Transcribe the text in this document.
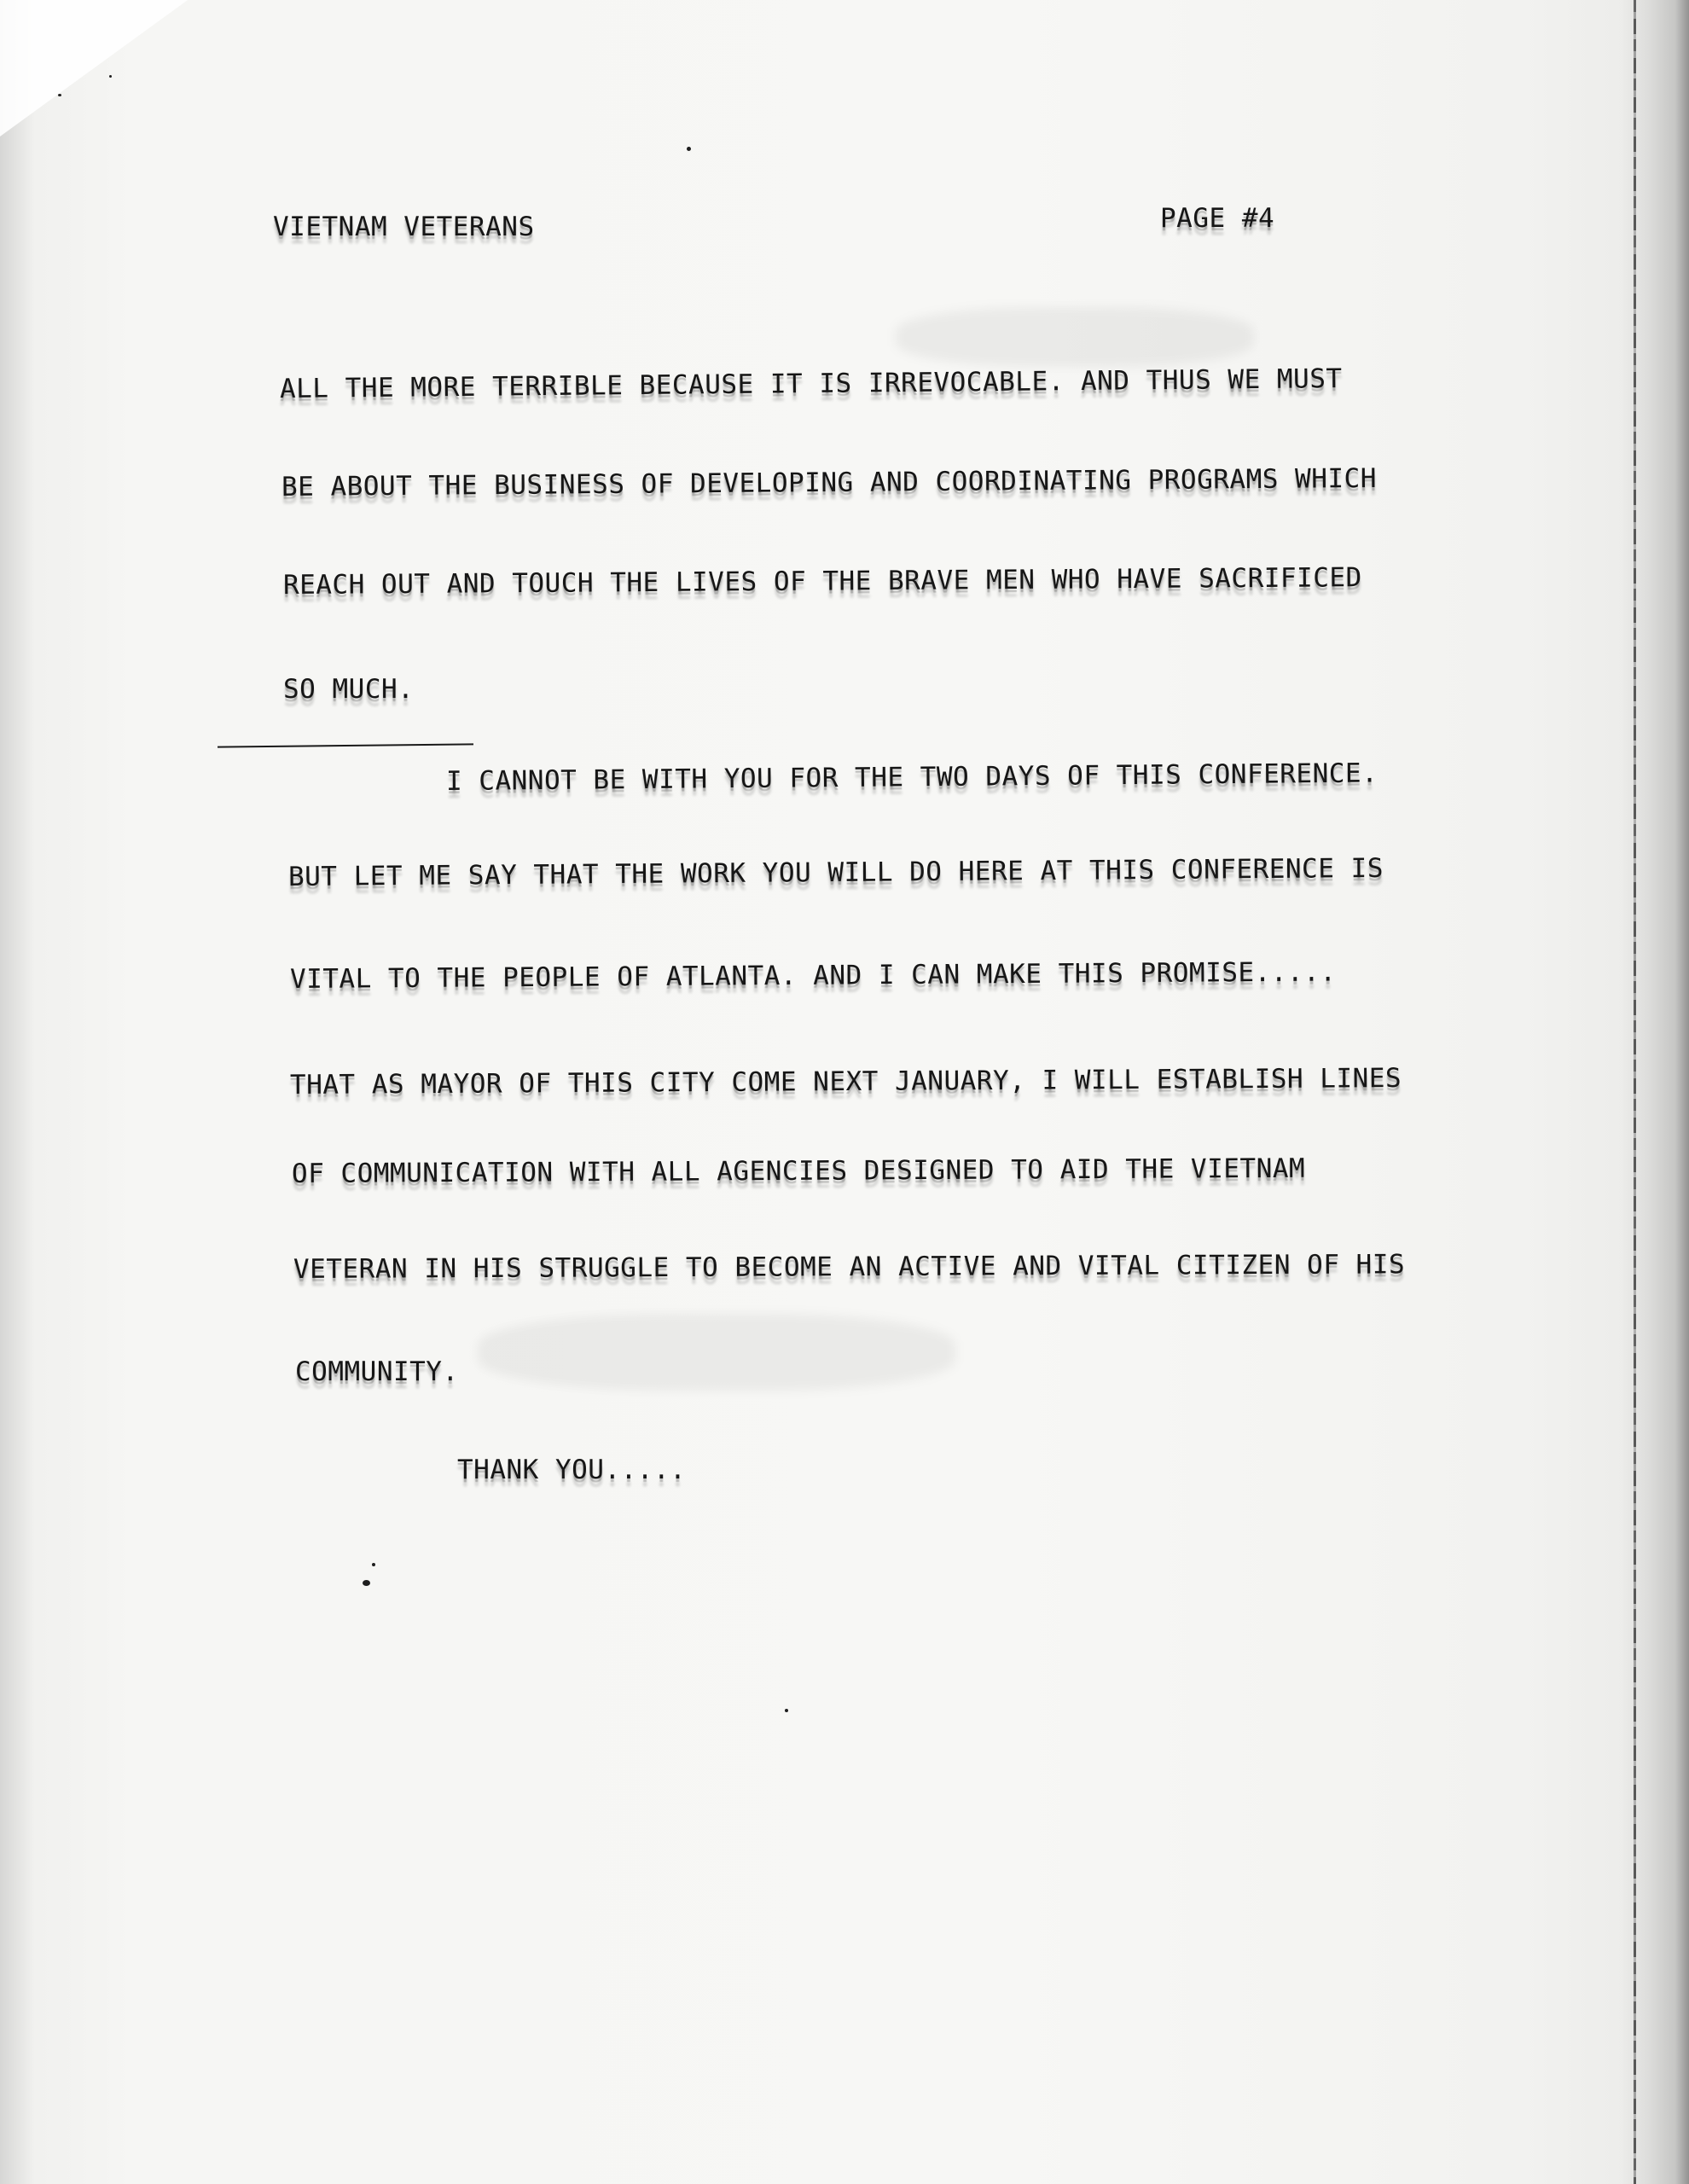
VIETNAM VETERANS	PAGE #4
ALL THE MORE TERRIBLE BECAUSE IT IS IRREVOCABLE. AND THUS WE MUST
BE ABOUT THE BUSINESS OF DEVELOPING AND COORDINATING PROGRAMS WHICH
REACH OUT AND TOUCH THE LIVES OF THE BRAVE MEN WHO HAVE SACRIFICED
SO MUCH.
I CANNOT BE WITH YOU FOR THE TWO DAYS OF THIS CONFERENCE.
BUT LET ME SAY THAT THE WORK YOU WILL DO HERE AT THIS CONFERENCE IS
VITAL TO THE PEOPLE OF ATLANTA. AND I CAN MAKE THIS PROMISE.....
THAT AS MAYOR OF THIS CITY COME NEXT JANUARY, I WILL ESTABLISH LINES
OF COMMUNICATION WITH ALL AGENCIES DESIGNED TO AID THE VIETNAM
VETERAN IN HIS STRUGGLE TO BECOME AN ACTIVE AND VITAL CITIZEN OF HIS
COMMUNITY.
THANK YOU.....
